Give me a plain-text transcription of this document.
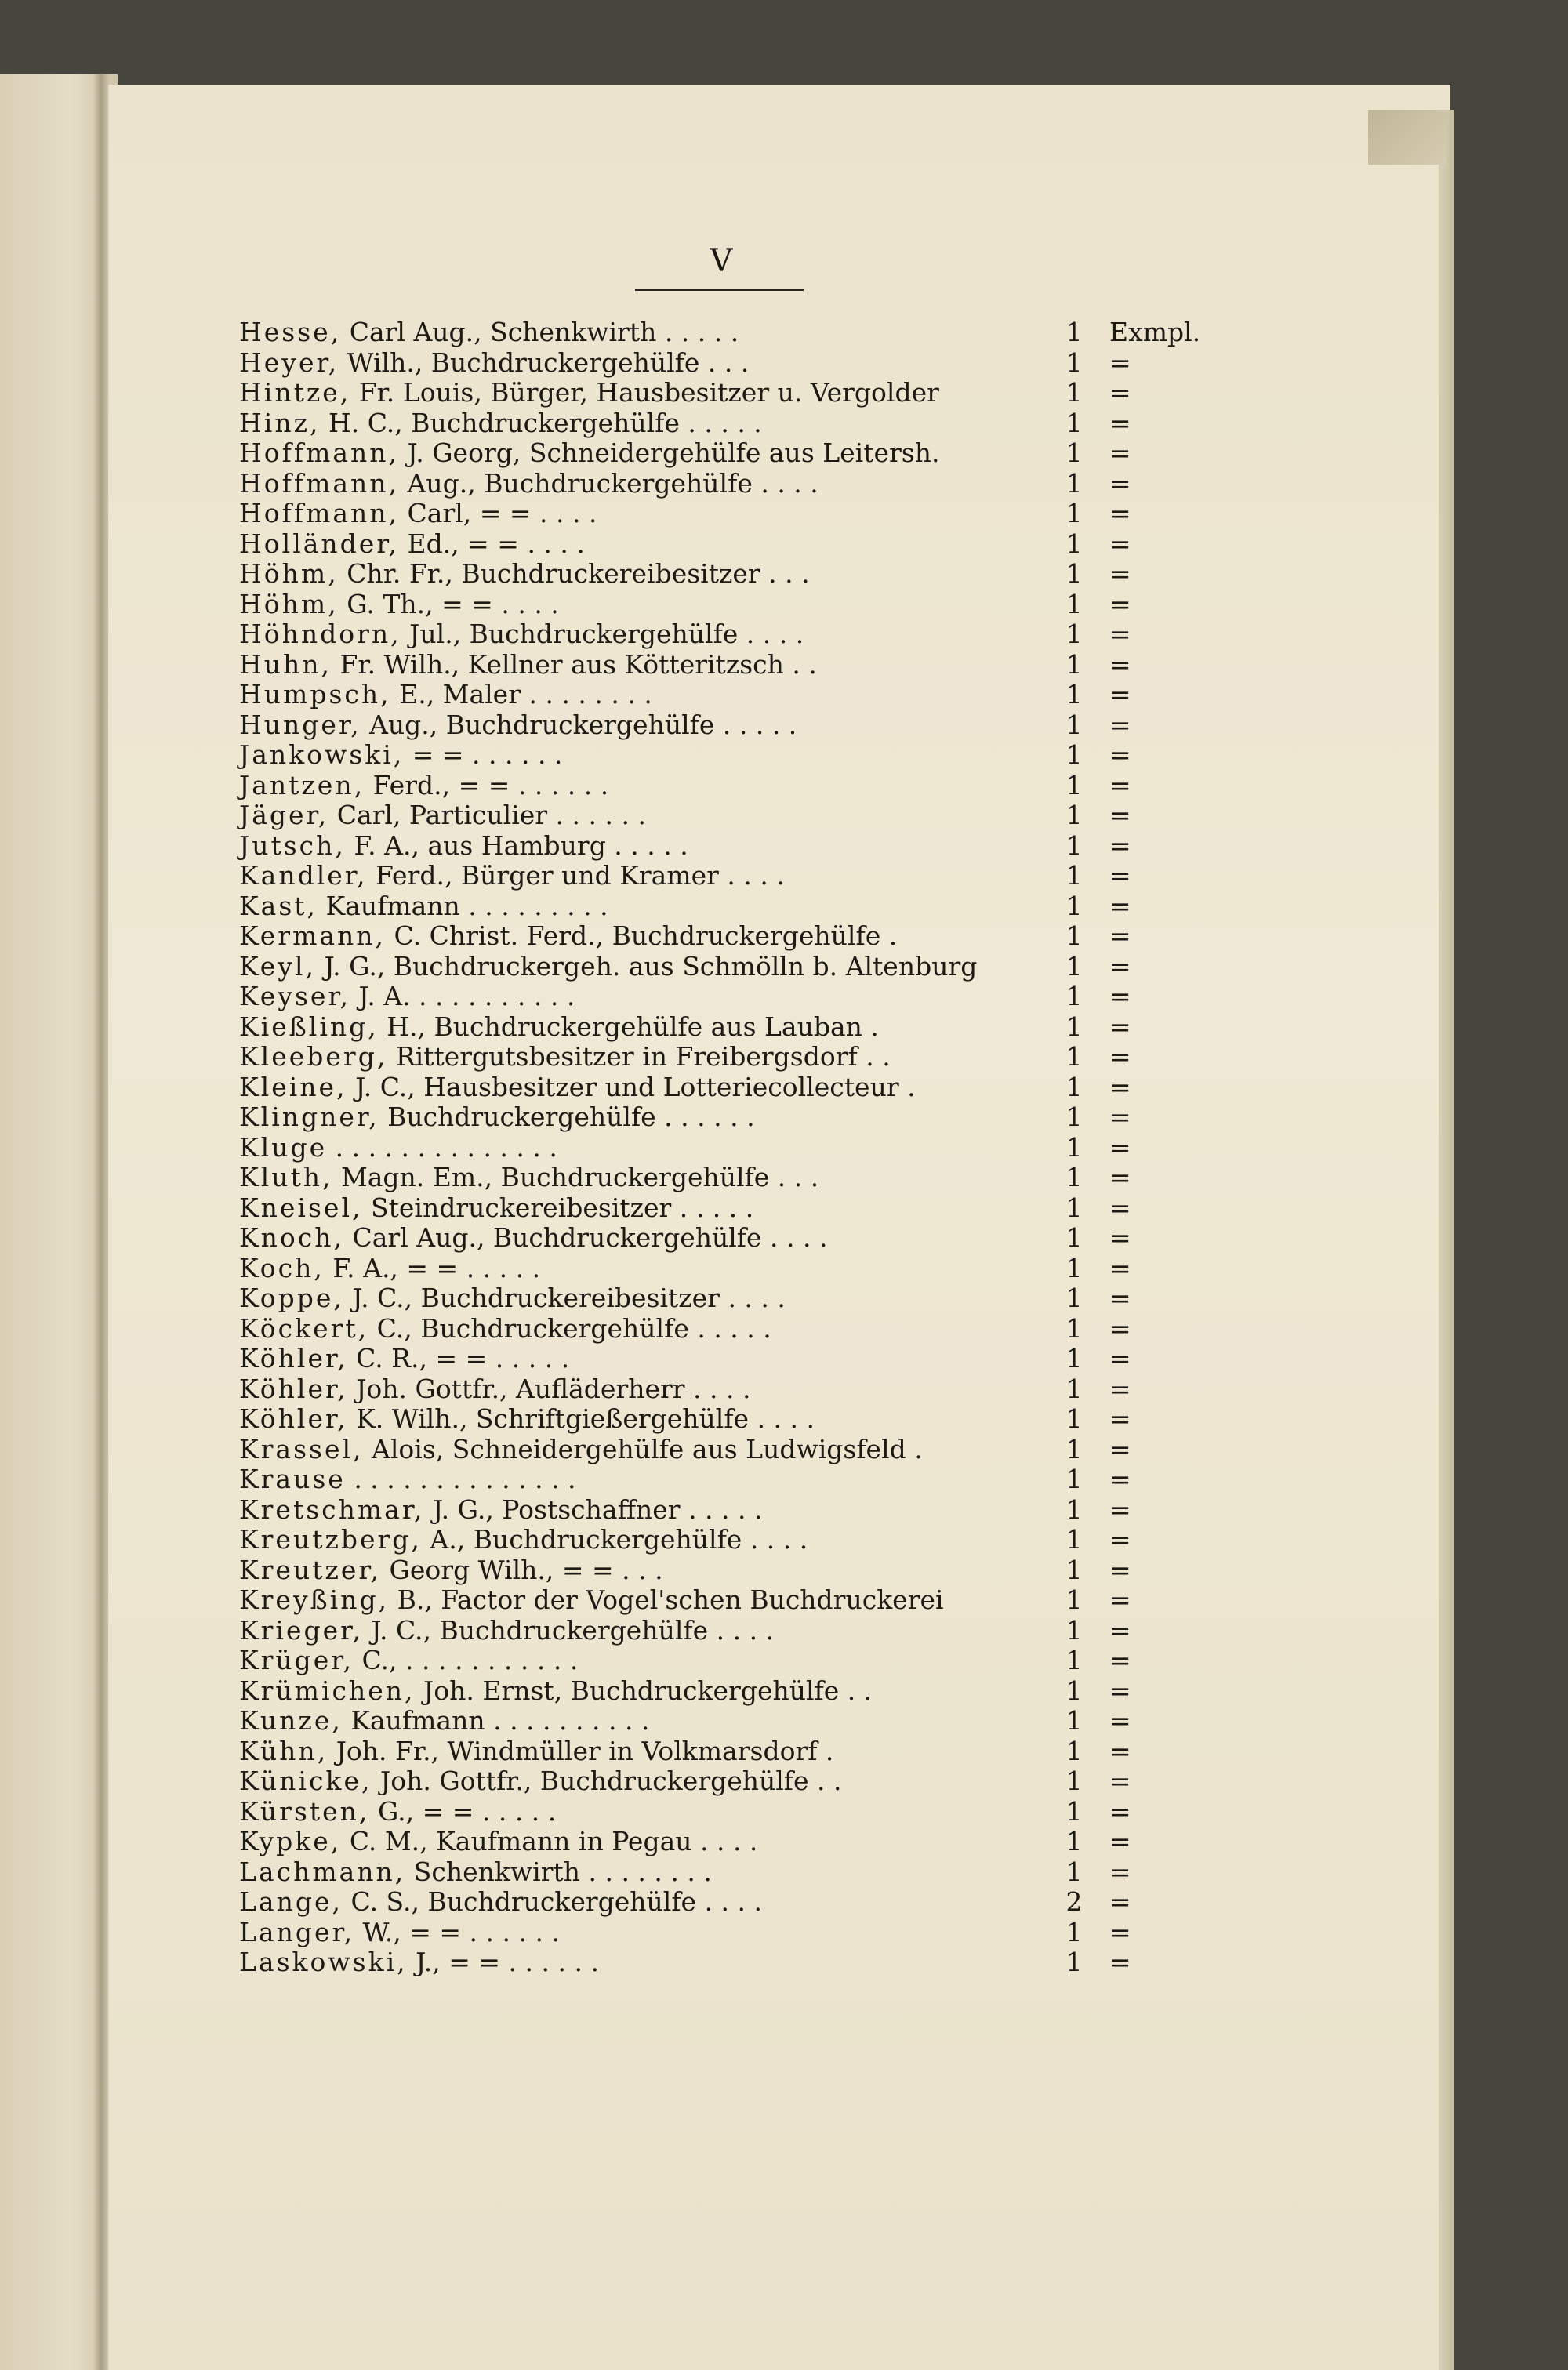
V
Hesse, Carl Aug., Schenkwirth . . . . .	1 Exmpl.
Heyer, Wilh., Buchdruckergehülfe . . .	1 =
Hintze, Fr. Louis, Bürger, Hausbesitzer u. Vergolder	1 =
Hinz, H. C., Buchdruckergehülfe . . . . .	1 =
Hoffmann, J. Georg, Schneidergehülfe aus Leitersh.	1 =
Hoffmann, Aug., Buchdruckergehülfe . . . .	1 =
Hoffmann, Carl, = = . . . .	1 =
Holländer, Ed., = = . . . .	1 =
Höhm, Chr. Fr., Buchdruckereibesitzer . . .	1 =
Höhm, G. Th., = = . . . .	1 =
Höhndorn, Jul., Buchdruckergehülfe . . . .	1 =
Huhn, Fr. Wilh., Kellner aus Kötteritzsch . .	1 =
Humpsch, E., Maler . . . . . . . .	1 =
Hunger, Aug., Buchdruckergehülfe . . . . .	1 =
Jankowski, = = . . . . . .	1 =
Jantzen, Ferd., = = . . . . . .	1 =
Jäger, Carl, Particulier . . . . . .	1 =
Jutsch, F. A., aus Hamburg . . . . .	1 =
Kandler, Ferd., Bürger und Kramer . . . .	1 =
Kast, Kaufmann . . . . . . . . .	1 =
Kermann, C. Christ. Ferd., Buchdruckergehülfe .	1 =
Keyl, J. G., Buchdruckergeh. aus Schmölln b. Altenburg	1 =
Keyser, J. A. . . . . . . . . . .	1 =
Kießling, H., Buchdruckergehülfe aus Lauban .	1 =
Kleeberg, Rittergutsbesitzer in Freibergsdorf . .	1 =
Kleine, J. C., Hausbesitzer und Lotteriecollecteur .	1 =
Klingner, Buchdruckergehülfe . . . . . .	1 =
Kluge . . . . . . . . . . . . . .	1 =
Kluth, Magn. Em., Buchdruckergehülfe . . .	1 =
Kneisel, Steindruckereibesitzer . . . . .	1 =
Knoch, Carl Aug., Buchdruckergehülfe . . . .	1 =
Koch, F. A., = = . . . . .	1 =
Koppe, J. C., Buchdruckereibesitzer . . . .	1 =
Köckert, C., Buchdruckergehülfe . . . . .	1 =
Köhler, C. R., = = . . . . .	1 =
Köhler, Joh. Gottfr., Aufläderherr . . . .	1 =
Köhler, K. Wilh., Schriftgießergehülfe . . . .	1 =
Krassel, Alois, Schneidergehülfe aus Ludwigsfeld .	1 =
Krause . . . . . . . . . . . . . .	1 =
Kretschmar, J. G., Postschaffner . . . . .	1 =
Kreutzberg, A., Buchdruckergehülfe . . . .	1 =
Kreutzer, Georg Wilh., = = . . .	1 =
Kreyßing, B., Factor der Vogel'schen Buchdruckerei	1 =
Krieger, J. C., Buchdruckergehülfe . . . .	1 =
Krüger, C., . . . . . . . . . . .	1 =
Krümichen, Joh. Ernst, Buchdruckergehülfe . .	1 =
Kunze, Kaufmann . . . . . . . . . .	1 =
Kühn, Joh. Fr., Windmüller in Volkmarsdorf .	1 =
Künicke, Joh. Gottfr., Buchdruckergehülfe . .	1 =
Kürsten, G., = = . . . . .	1 =
Kypke, C. M., Kaufmann in Pegau . . . .	1 =
Lachmann, Schenkwirth . . . . . . . .	1 =
Lange, C. S., Buchdruckergehülfe . . . .	2 =
Langer, W., = = . . . . . .	1 =
Laskowski, J., = = . . . . . .	1 =
